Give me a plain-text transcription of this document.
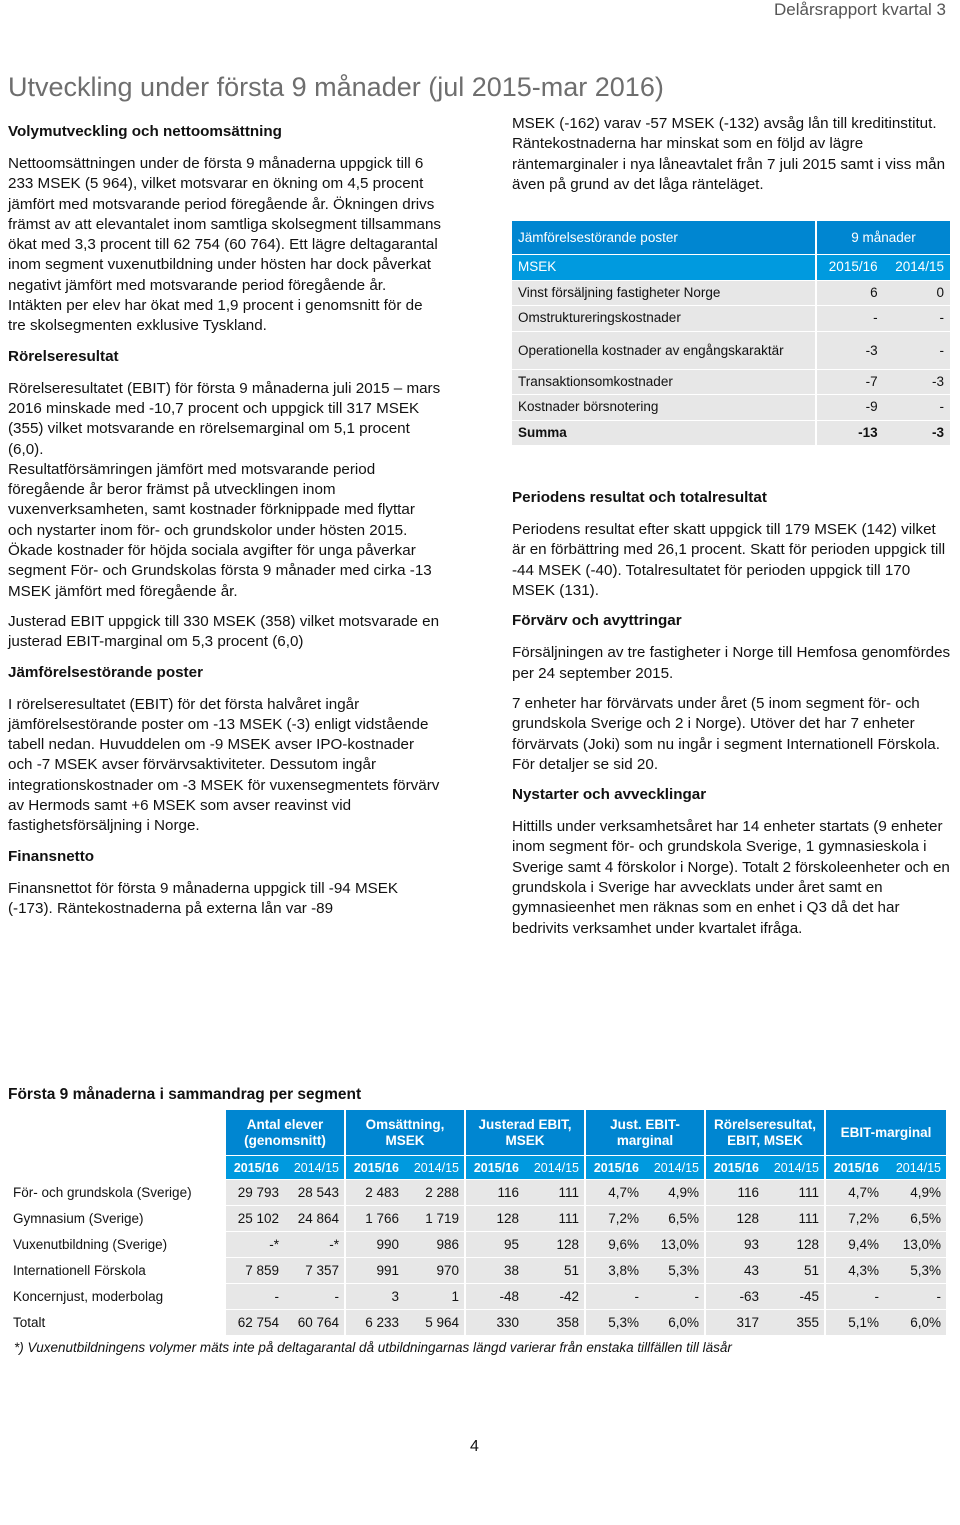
Delårsrapport kvartal 3
Utveckling under första 9 månader (jul 2015-mar 2016)
Volymutveckling och nettoomsättning

Nettoomsättningen under de första 9 månaderna uppgick till 6 233 MSEK (5 964), vilket motsvarar en ökning om 4,5 procent jämfört med motsvarande period föregående år. Ökningen drivs främst av att elevantalet inom samtliga skolsegment tillsammans ökat med 3,3 procent till 62 754 (60 764). Ett lägre deltagarantal inom segment vuxenutbildning under hösten har dock påverkat negativt jämfört med motsvarande period föregående år. Intäkten per elev har ökat med 1,9 procent i genomsnitt för de tre skolsegmenten exklusive Tyskland.

Rörelseresultat

Rörelseresultatet (EBIT) för första 9 månaderna juli 2015 – mars 2016 minskade med -10,7 procent och uppgick till 317 MSEK (355) vilket motsvarande en rörelsemarginal om 5,1 procent (6,0).

Resultatförsämringen jämfört med motsvarande period föregående år beror främst på utvecklingen inom vuxenverksamheten, samt kostnader förknippade med flyttar och nystarter inom för- och grundskolor under hösten 2015. Ökade kostnader för höjda sociala avgifter för unga påverkar segment För- och Grundskolas första 9 månader med cirka -13 MSEK jämfört med föregående år.

Justerad EBIT uppgick till 330 MSEK (358) vilket motsvarade en justerad EBIT-marginal om 5,3 procent (6,0)

Jämförelsestörande poster

I rörelseresultatet (EBIT) för det första halvåret ingår jämförelsestörande poster om -13 MSEK (-3) enligt vidstående tabell nedan. Huvuddelen om -9 MSEK avser IPO-kostnader och -7 MSEK avser förvärvsaktiviteter. Dessutom ingår integrationskostnader om -3 MSEK för vuxensegmentets förvärv av Hermods samt +6 MSEK som avser reavinst vid fastighetsförsäljning i Norge.

Finansnetto

Finansnettot för första 9 månaderna uppgick till -94 MSEK (-173). Räntekostnaderna på externa lån var -89

MSEK (-162) varav -57 MSEK (-132) avsåg lån till kreditinstitut. Räntekostnaderna har minskat som en följd av lägre räntemarginaler i nya låneavtalet från 7 juli 2015 samt i viss mån även på grund av det låga ränteläget.

Jämförelsestörande poster	9 månader	
MSEK	2015/16	2014/15
Vinst försäljning fastigheter Norge	6	0
Omstruktureringskostnader	-	-
Operationella kostnader av engångskaraktär	-3	-
Transaktionsomkostnader	-7	-3
Kostnader börsnotering	-9	-
Summa	-13	-3
Periodens resultat och totalresultat

Periodens resultat efter skatt uppgick till 179 MSEK (142) vilket är en förbättring med 26,1 procent. Skatt för perioden uppgick till -44 MSEK (-40). Totalresultatet för perioden uppgick till 170 MSEK (131).

Förvärv och avyttringar

Försäljningen av tre fastigheter i Norge till Hemfosa genomfördes per 24 september 2015.

7 enheter har förvärvats under året (5 inom segment för- och grundskola Sverige och 2 i Norge). Utöver det har 7 enheter förvärvats (Joki) som nu ingår i segment Internationell Förskola. För detaljer se sid 20.

Nystarter och avvecklingar

Hittills under verksamhetsåret har 14 enheter startats (9 enheter inom segment för- och grundskola Sverige, 1 gymnasieskola i Sverige samt 4 förskolor i Norge). Totalt 2 förskoleenheter och en grundskola i Sverige har avvecklats under året samt en gymnasieenhet men räknas som en enhet i Q3 då det har bedrivits verksamhet under kvartalet ifråga.

Första 9 månaderna i sammandrag per segment
	Antal elever (genomsnitt)		Omsättning, MSEK		Justerad EBIT, MSEK		Just. EBIT-marginal		Rörelseresultat, EBIT, MSEK		EBIT-marginal	
	2015/16	2014/15	2015/16	2014/15	2015/16	2014/15	2015/16	2014/15	2015/16	2014/15	2015/16	2014/15
För- och grundskola (Sverige)	29 793	28 543	2 483	2 288	116	111	4,7%	4,9%	116	111	4,7%	4,9%
Gymnasium (Sverige)	25 102	24 864	1 766	1 719	128	111	7,2%	6,5%	128	111	7,2%	6,5%
Vuxenutbildning (Sverige)	-*	-*	990	986	95	128	9,6%	13,0%	93	128	9,4%	13,0%
Internationell Förskola	7 859	7 357	991	970	38	51	3,8%	5,3%	43	51	4,3%	5,3%
Koncernjust, moderbolag	-	-	3	1	-48	-42	-	-	-63	-45	-	-
Totalt	62 754	60 764	6 233	5 964	330	358	5,3%	6,0%	317	355	5,1%	6,0%
*) Vuxenutbildningens volymer mäts inte på deltagarantal då utbildningarnas längd varierar från enstaka tillfällen till läsår
4
